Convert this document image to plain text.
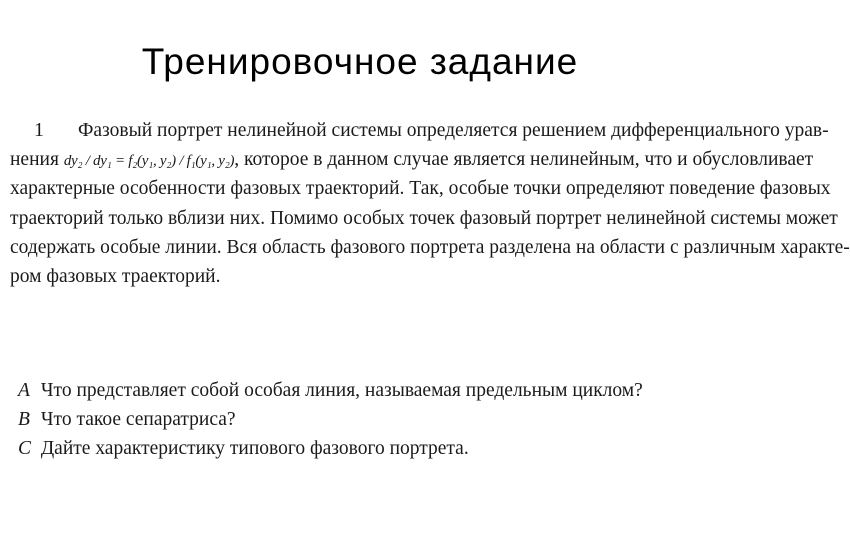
Тренировочное задание
1 Фазовый портрет нелинейной системы определяется решением дифференциального урав-
нения dy₂ / dy₁ = f₂(y₁, y₂) / f₁(y₁, y₂), которое в данном случае является нелинейным, что и обусловливает
характерные особенности фазовых траекторий. Так, особые точки определяют поведение фазовых
траекторий только вблизи них. Помимо особых точек фазовый портрет нелинейной системы может
содержать особые линии. Вся область фазового портрета разделена на области с различным характе-
ром фазовых траекторий.
A Что представляет собой особая линия, называемая предельным циклом?
B Что такое сепаратриса?
C Дайте характеристику типового фазового портрета.
